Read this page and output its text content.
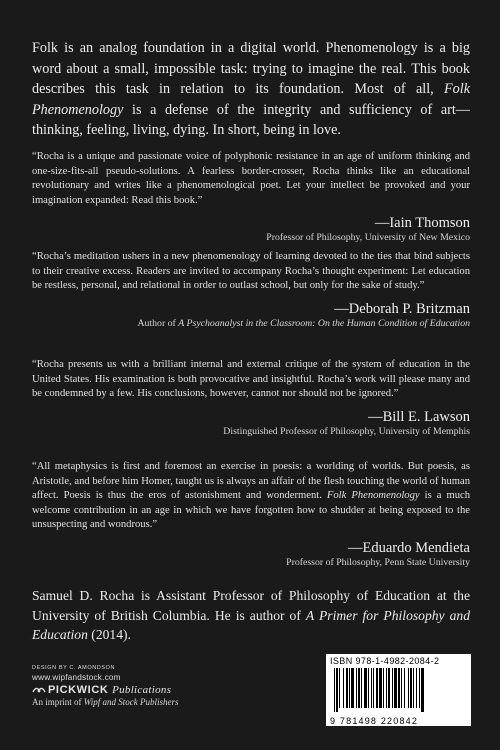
Folk is an analog foundation in a digital world. Phenomenology is a big word about a small, impossible task: trying to imagine the real. This book describes this task in relation to its foundation. Most of all, Folk Phenomenology is a defense of the integrity and sufficiency of art—thinking, feeling, living, dying. In short, being in love.

“Rocha is a unique and passionate voice of polyphonic resistance in an age of uniform thinking and one-size-fits-all pseudo-solutions. A fearless border-crosser, Rocha thinks like an educational revolutionary and writes like a phenomenological poet. Let your intellect be provoked and your imagination expanded: Read this book.”

—Iain Thomson
Professor of Philosophy, University of New Mexico

“Rocha’s meditation ushers in a new phenomenology of learning devoted to the ties that bind subjects to their creative excess. Readers are invited to accompany Rocha’s thought experiment: Let education be restless, personal, and relational in order to outlast school, but only for the sake of study.”

—Deborah P. Britzman
Author of A Psychoanalyst in the Classroom: On the Human Condition of Education

“Rocha presents us with a brilliant internal and external critique of the system of education in the United States. His examination is both provocative and insightful. Rocha’s work will please many and be condemned by a few. His conclusions, however, cannot nor should not be ignored.”

—Bill E. Lawson
Distinguished Professor of Philosophy, University of Memphis

“All metaphysics is first and foremost an exercise in poesis: a worlding of worlds. But poesis, as Aristotle, and before him Homer, taught us is always an affair of the flesh touching the world of human affect. Poesis is thus the eros of astonishment and wonderment. Folk Phenomenology is a much welcome contribution in an age in which we have forgotten how to shudder at being exposed to the unsuspecting and wondrous.”

—Eduardo Mendieta
Professor of Philosophy, Penn State University

Samuel D. Rocha is Assistant Professor of Philosophy of Education at the University of British Columbia. He is author of A Primer for Philosophy and Education (2014).

DESIGN BY C. AMONDSON
www.wipfandstock.com
PICKWICK Publications
An imprint of Wipf and Stock Publishers
ISBN 978-1-4982-2084-2
9 781498 220842
